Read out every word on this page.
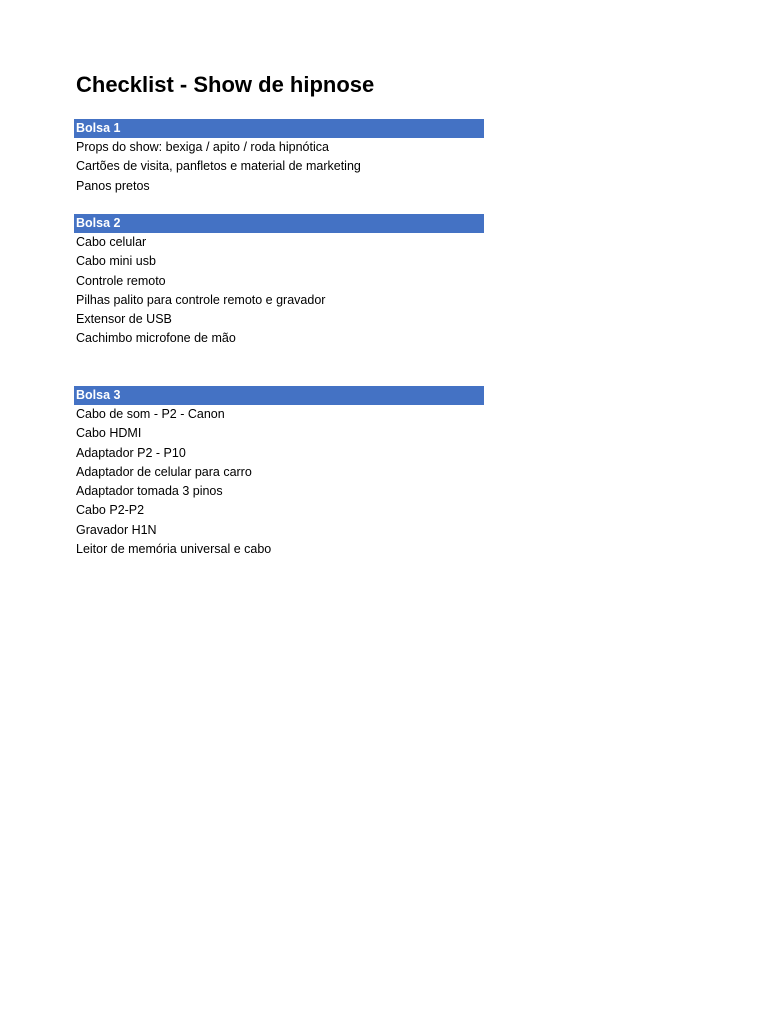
Checklist - Show de hipnose
Bolsa 1
Props do show: bexiga / apito / roda hipnótica
Cartões de visita, panfletos e material de marketing
Panos pretos
Bolsa 2
Cabo celular
Cabo mini usb
Controle remoto
Pilhas palito para controle remoto e gravador
Extensor de USB
Cachimbo microfone de mão
Bolsa 3
Cabo de som - P2 - Canon
Cabo HDMI
Adaptador P2 - P10
Adaptador de celular para carro
Adaptador tomada 3 pinos
Cabo P2-P2
Gravador H1N
Leitor de memória universal e cabo
